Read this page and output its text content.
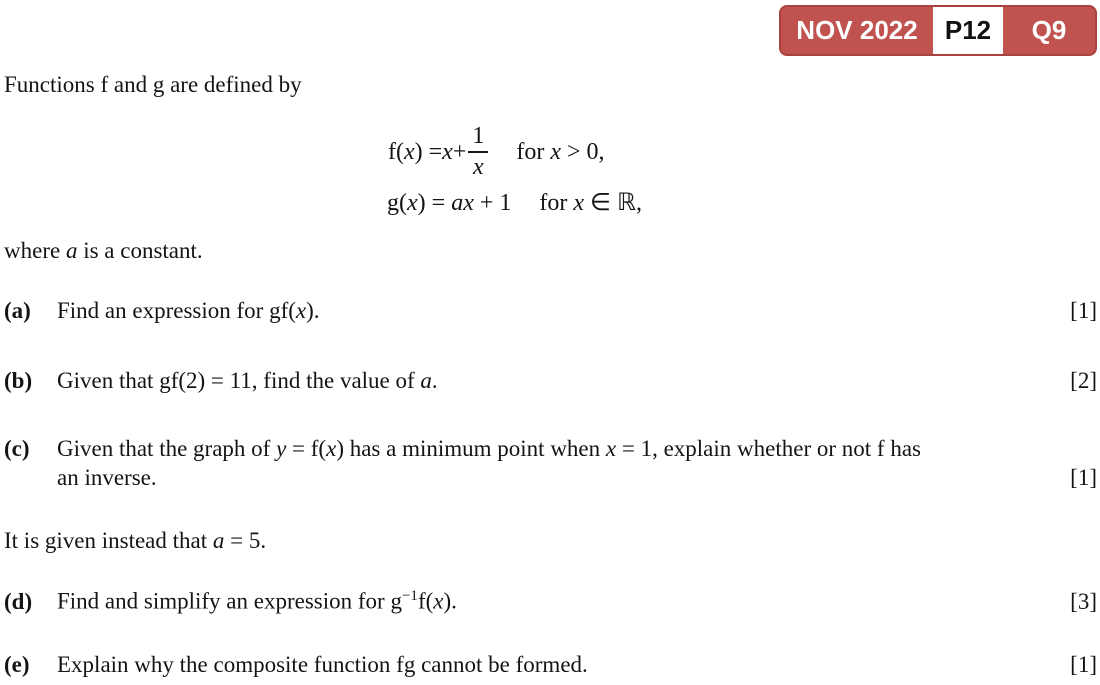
NOV 2022	P12	Q9
Functions f and g are defined by
f( x ) = $x + \frac{1}{x}$ for x > 0,
g(x) = ax + 1 for x ∈ ℝ,
where a is a constant.
(a)	Find an expression for gf(x).	[1]
(b)	Given that gf(2) = 11, find the value of a.	[2]
(c)	Given that the graph of y = f(x) has a minimum point when x = 1, explain whether or not f has
an inverse.	[1]
It is given instead that a = 5.
(d)	Find and simplify an expression for $g^{-1}f(x)$.	[3]
(e)	Explain why the composite function fg cannot be formed.	[1]
